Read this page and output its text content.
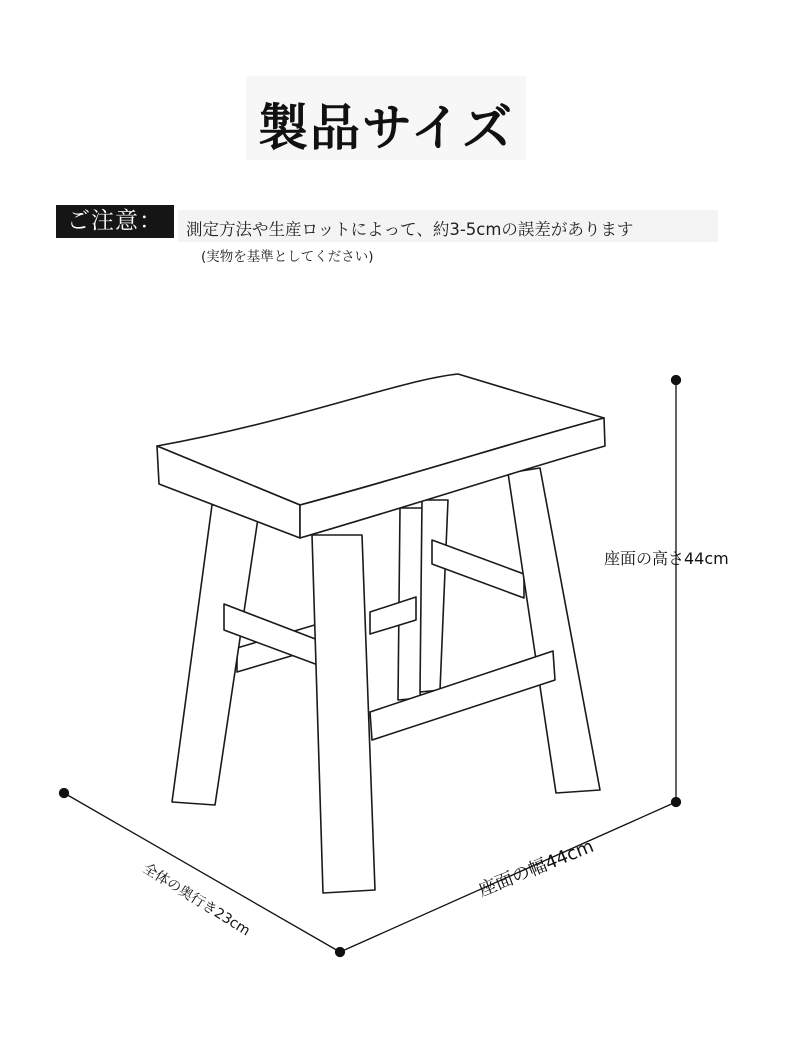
製品サイズ
ご注意：	測定方法や生産ロットによって、約3-5cmの誤差があります
(実物を基準としてください)
座面の高さ44cm
座面の幅44cm
全体の奥行き23cm
